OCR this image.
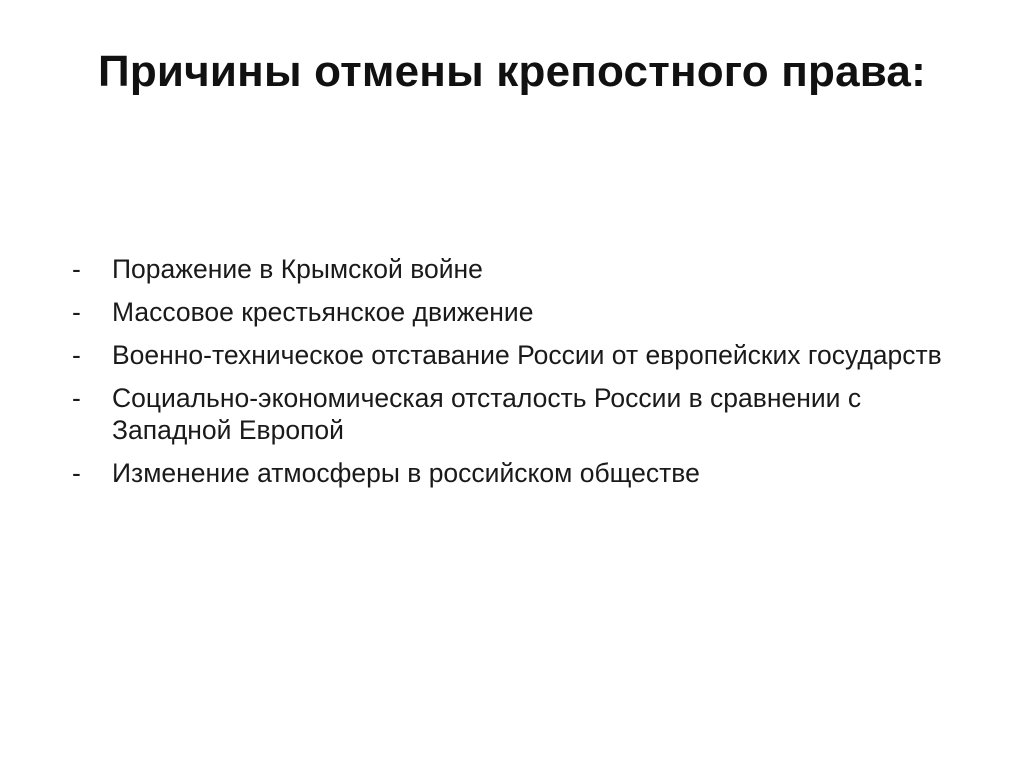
Причины отмены крепостного права:
-	Поражение в Крымской войне
-	Массовое крестьянское движение
-	Военно-техническое отставание России от европейских государств
-	Социально-экономическая отсталость России в сравнении с Западной Европой
-	Изменение атмосферы в российском обществе
